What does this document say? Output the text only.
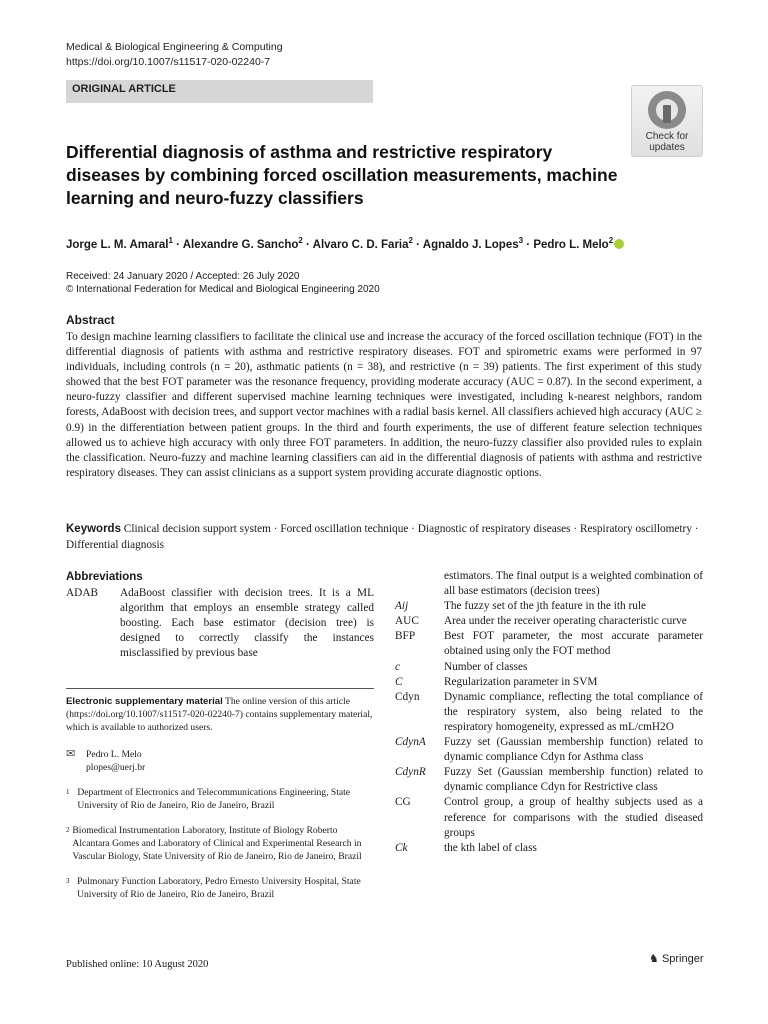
Medical & Biological Engineering & Computing
https://doi.org/10.1007/s11517-020-02240-7
ORIGINAL ARTICLE
Check for updates
Differential diagnosis of asthma and restrictive respiratory diseases by combining forced oscillation measurements, machine learning and neuro-fuzzy classifiers
Jorge L. M. Amaral$^1$ · Alexandre G. Sancho$^2$ · Alvaro C. D. Faria$^2$ · Agnaldo J. Lopes$^3$ · Pedro L. Melo$^2$
Received: 24 January 2020 / Accepted: 26 July 2020
© International Federation for Medical and Biological Engineering 2020
Abstract
To design machine learning classifiers to facilitate the clinical use and increase the accuracy of the forced oscillation technique (FOT) in the differential diagnosis of patients with asthma and restrictive respiratory diseases. FOT and spirometric exams were performed in 97 individuals, including controls (n = 20), asthmatic patients (n = 38), and restrictive (n = 39) patients. The first experiment of this study showed that the best FOT parameter was the resonance frequency, providing moderate accuracy (AUC = 0.87). In the second experiment, a neuro-fuzzy classifier and different supervised machine learning techniques were investigated, including k-nearest neighbors, random forests, AdaBoost with decision trees, and support vector machines with a radial basis kernel. All classifiers achieved high accuracy (AUC ≥ 0.9) in the differentiation between patient groups. In the third and fourth experiments, the use of different feature selection techniques allowed us to achieve high accuracy with only three FOT parameters. In addition, the neuro-fuzzy classifier also provided rules to explain the classification. Neuro-fuzzy and machine learning classifiers can aid in the differential diagnosis of patients with asthma and restrictive respiratory diseases. They can assist clinicians as a support system providing accurate diagnostic options.
Keywords Clinical decision support system · Forced oscillation technique · Diagnostic of respiratory diseases · Respiratory oscillometry · Differential diagnosis
Abbreviations
ADAB	AdaBoost classifier with decision trees. It is a ML algorithm that employs an ensemble strategy called boosting. Each base estimator (decision tree) is designed to correctly classify the instances misclassified by previous base
estimators. The final output is a weighted combination of all base estimators (decision trees)
Aij	The fuzzy set of the jth feature in the ith rule
AUC	Area under the receiver operating characteristic curve
BFP	Best FOT parameter, the most accurate parameter obtained using only the FOT method
c	Number of classes
C	Regularization parameter in SVM
Cdyn	Dynamic compliance, reflecting the total compliance of the respiratory system, also being related to the respiratory homogeneity, expressed as mL/cmH2O
CdynA	Fuzzy set (Gaussian membership function) related to dynamic compliance Cdyn for Asthma class
CdynR	Fuzzy Set (Gaussian membership function) related to dynamic compliance Cdyn for Restrictive class
CG	Control group, a group of healthy subjects used as a reference for comparisons with the studied diseased groups
Ck	the kth label of class
Electronic supplementary material The online version of this article (https://doi.org/10.1007/s11517-020-02240-7) contains supplementary material, which is available to authorized users.
✉	Pedro L. Melo
plopes@uerj.br
1 Department of Electronics and Telecommunications Engineering, State University of Rio de Janeiro, Rio de Janeiro, Brazil
2 Biomedical Instrumentation Laboratory, Institute of Biology Roberto Alcantara Gomes and Laboratory of Clinical and Experimental Research in Vascular Biology, State University of Rio de Janeiro, Rio de Janeiro, Brazil
3 Pulmonary Function Laboratory, Pedro Ernesto University Hospital, State University of Rio de Janeiro, Rio de Janeiro, Brazil
Published online: 10 August 2020	♞ Springer
